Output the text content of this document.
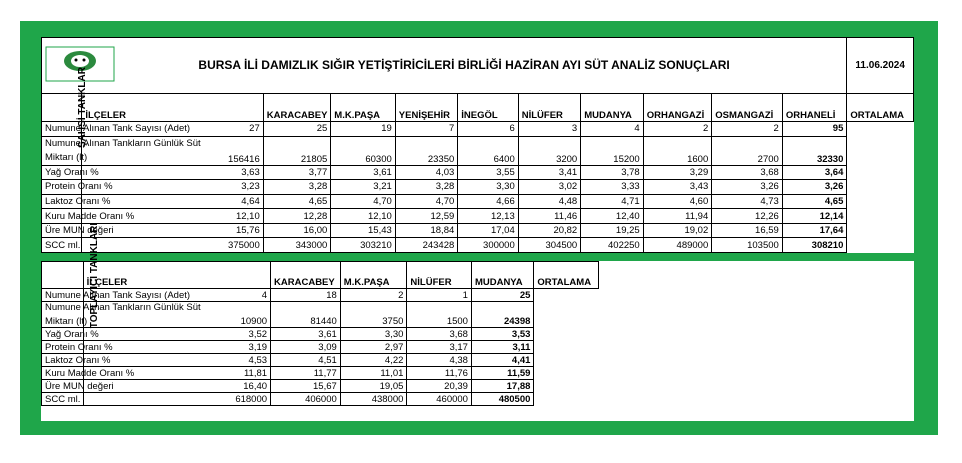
	BURSA İLİ DAMIZLIK SIĞIR YETİŞTİRİCİLERİ BİRLİĞİ HAZİRAN AYI SÜT ANALİZ SONUÇLARI										11.06.2024
ŞAHSİ TANKLAR	İLÇELER	KARACABEY	M.K.PAŞA	YENİŞEHİR	İNEGÖL	NİLÜFER	MUDANYA	ORHANGAZİ	OSMANGAZİ	ORHANELİ	ORTALAMA
Numune Alınan Tank Sayısı (Adet)	27	25	19	7	6	3	4	2	2	95	

Numune Alınan Tankların Günlük Süt
Miktarı (lt)	156416	21805	60300	23350	6400	3200	15200	1600	2700	32330	
Yağ Oranı %	3,63	3,77	3,61	4,03	3,55	3,41	3,78	3,29	3,68	3,64	
Protein Oranı %	3,23	3,28	3,21	3,28	3,30	3,02	3,33	3,43	3,26	3,26	
Laktoz Oranı %	4,64	4,65	4,70	4,70	4,66	4,48	4,71	4,60	4,73	4,65	
Kuru Madde Oranı %	12,10	12,28	12,10	12,59	12,13	11,46	12,40	11,94	12,26	12,14	
Üre MUN değeri	15,76	16,00	15,43	18,84	17,04	20,82	19,25	19,02	16,59	17,64	
SCC ml.	375000	343000	303210	243428	300000	304500	402250	489000	103500	308210	
TOPLAYICI TANKLARI	İLÇELER	KARACABEY	M.K.PAŞA	NİLÜFER	MUDANYA	ORTALAMA
Numune Alınan Tank Sayısı (Adet)	4	18	2	1	25	

Numune Alınan Tankların Günlük Süt
Miktarı (lt)	10900	81440	3750	1500	24398	
Yağ Oranı %	3,52	3,61	3,30	3,68	3,53	
Protein Oranı %	3,19	3,09	2,97	3,17	3,11	
Laktoz Oranı %	4,53	4,51	4,22	4,38	4,41	
Kuru Madde Oranı %	11,81	11,77	11,01	11,76	11,59	
Üre MUN değeri	16,40	15,67	19,05	20,39	17,88	
SCC ml.	618000	406000	438000	460000	480500	
